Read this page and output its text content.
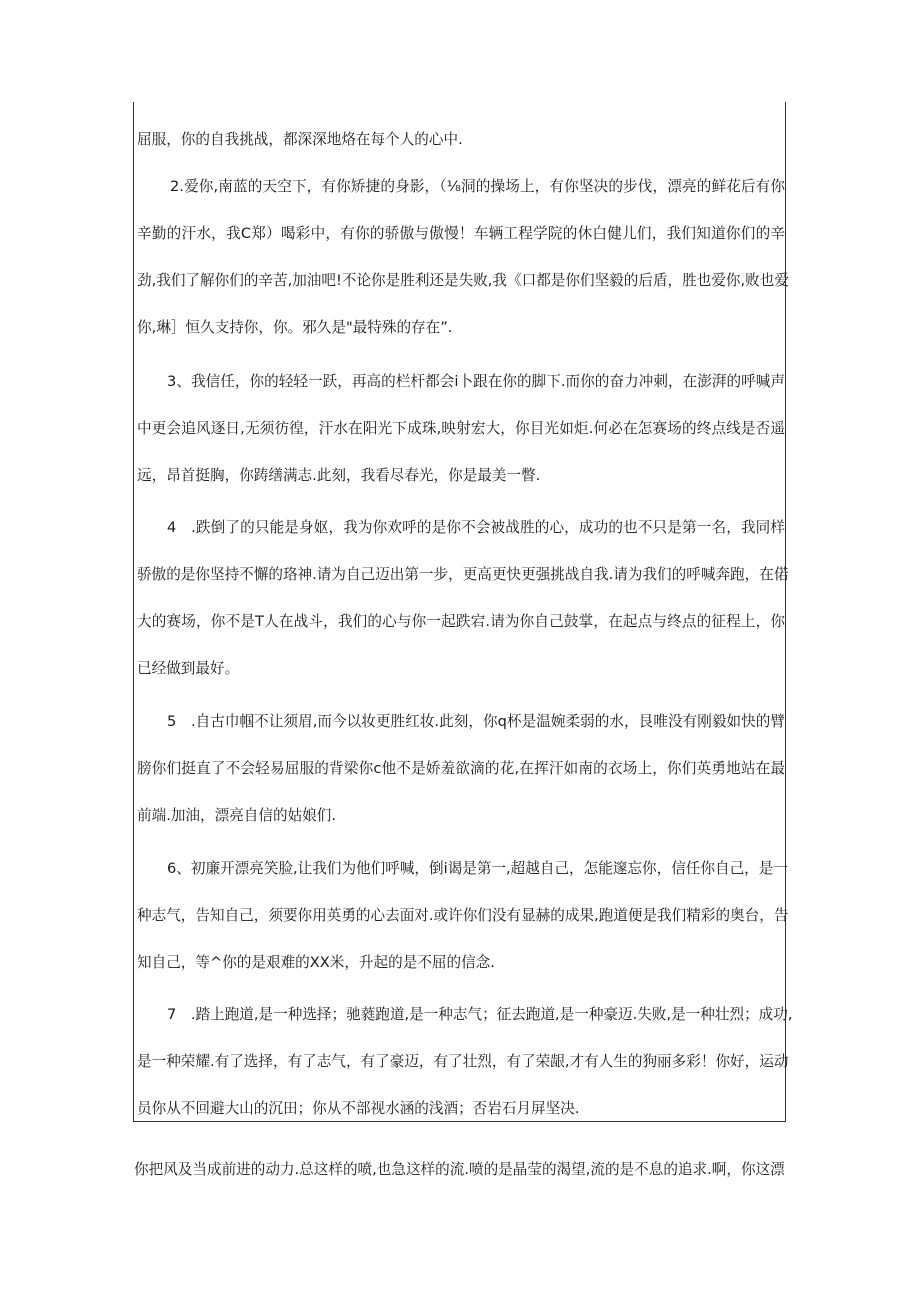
屈服，你的自我挑战，都深深地烙在每个人的心中.
2.爱你,南蓝的天空下，有你矫捷的身影，（⅛洞的操场上，有你坚决的步伐，漂亮的鲜花后有你
辛勤的汗水，我C郑）喝彩中，有你的骄傲与傲慢！车辆工程学院的休白健儿们，我们知道你们的辛
劲,我们了解你们的辛苦,加油吧!不论你是胜利还是失败,我《口都是你们坚毅的后盾，胜也爱你,败也爱
你,琳］恒久支持你，你。邪久是"最特殊的存在”.
3、我信任，你的轻轻一跃，再高的栏杆都会i卜跟在你的脚下.而你的奋力冲刺，在澎湃的呼喊声
中更会追风逐日,无须彷徨，汗水在阳光下成珠,映射宏大，你目光如炬.何必在怎赛场的终点线是否遥
远，昂首挺胸，你踌缮满志.此刻，我看尽春光，你是最美一瞥.
4　.跌倒了的只能是身妪，我为你欢呼的是你不会被战胜的心，成功的也不只是第一名，我同样
骄傲的是你坚持不懈的珞神.请为自己迈出第一步，更高更快更强挑战自我.请为我们的呼喊奔跑，在偌
大的赛场，你不是T人在战斗，我们的心与你一起跌宕.请为你自己鼓掌，在起点与终点的征程上，你
已经做到最好。
5　.自古巾帼不让须眉,而今以妆更胜红妆.此刻，你q杯是温婉柔弱的水，艮唯没有刚毅如快的臂
膀你们挺直了不会轻易屈服的背梁你c他不是娇羞欲滴的花,在挥汗如南的衣场上，你们英勇地站在最
前端.加油，漂亮自信的姑娘们.
6、初廉开漂亮笑脸,让我们为他们呼喊，倒i谒是第一,超越自己，怎能邃忘你，信任你自己，是一
种志气，告知自己，须要你用英勇的心去面对.或许你们没有显赫的成果,跑道便是我们精彩的奥台，告
知自己，等^你的是艰难的XX米，升起的是不屈的信念.
7　.踏上跑道,是一种选择；驰蕤跑道,是一种志气；征去跑道,是一种豪迈.失败,是一种壮烈；成功,
是一种荣耀.有了选择，有了志气，有了豪迈，有了壮烈，有了荣龈,才有人生的狗丽多彩！你好，运动
员你从不回避大山的沉田；你从不部视水涵的浅酒；否岩石月屏坚决.
你把风及当成前进的动力.总这样的喷,也急这样的流.喷的是晶莹的渴望,流的是不息的追求.啊，你这漂
